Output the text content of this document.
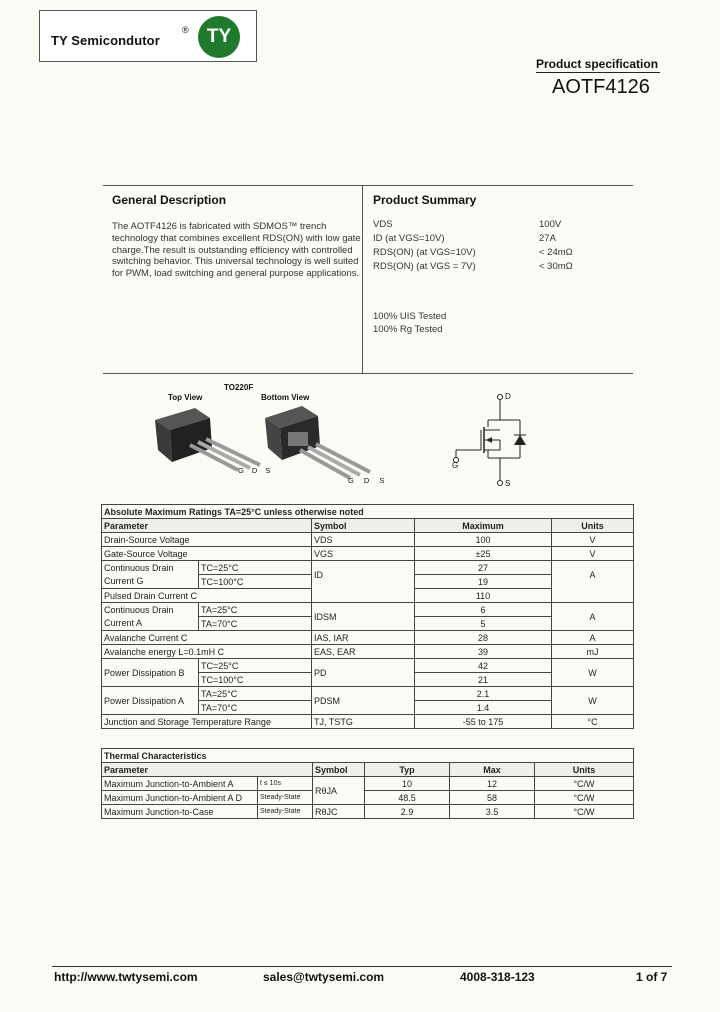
TY Semicondutor
® TY
Product specification
AOTF4126
General Description
The AOTF4126 is fabricated with SDMOS™ trench technology that combines excellent RDS(ON) with low gate charge.The result is outstanding efficiency with controlled switching behavior. This universal technology is well suited for PWM, load switching and general purpose applications.
Product Summary
VDS	100V
ID (at VGS=10V)	27A
RDS(ON) (at VGS=10V)	< 24mΩ
RDS(ON) (at VGS = 7V)	< 30mΩ
100% UIS Tested
100% Rg Tested
TO220F
Top View	Bottom View
G D S
G D S
D
G
S
Absolute Maximum Ratings TA=25°C unless otherwise noted				
Parameter		Symbol	Maximum	Units
Drain-Source Voltage		VDS	100	V
Gate-Source Voltage		VGS	±25	V
Continuous Drain	TC=25°C	ID	27	A

Current G	TC=100°C		19	
Pulsed Drain Current C			110	
Continuous Drain	TA=25°C	IDSM	6	A
Current A	TA=70°C		5	
Avalanche Current C		IAS, IAR	28	A
Avalanche energy L=0.1mH C		EAS, EAR	39	mJ
Power Dissipation B	TC=25°C	PD	42	W
	TC=100°C		21	
Power Dissipation A	TA=25°C	PDSM	2.1	W
	TA=70°C		1.4	
Junction and Storage Temperature Range		TJ, TSTG	-55 to 175	°C
Thermal Characteristics					
Parameter		Symbol	Typ	Max	Units
Maximum Junction-to-Ambient A	t ≤ 10s	RθJA	10	12	°C/W
Maximum Junction-to-Ambient A D	Steady-State		48.5	58	°C/W
Maximum Junction-to-Case	Steady-State	RθJC	2.9	3.5	°C/W
http://www.twtysemi.com	sales@twtysemi.com	4008-318-123	1 of 7
